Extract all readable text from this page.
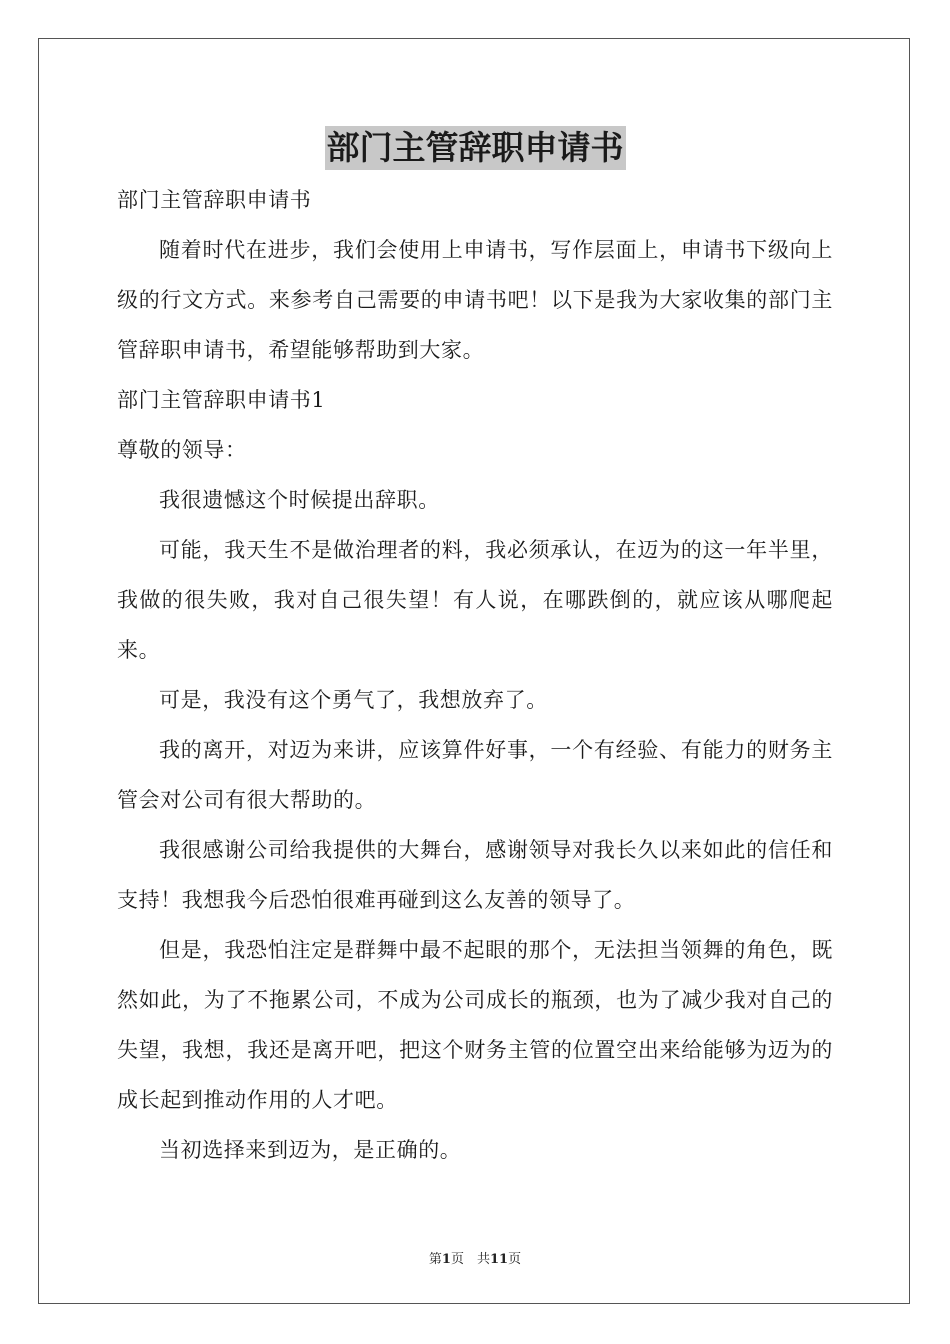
部门主管辞职申请书

部门主管辞职申请书

随着时代在进步，我们会使用上申请书，写作层面上，申请书下级向上级的行文方式。来参考自己需要的申请书吧！以下是我为大家收集的部门主管辞职申请书，希望能够帮助到大家。

部门主管辞职申请书1

尊敬的领导：

我很遗憾这个时候提出辞职。

可能，我天生不是做治理者的料，我必须承认，在迈为的这一年半里，我做的很失败，我对自己很失望！有人说，在哪跌倒的，就应该从哪爬起来。

可是，我没有这个勇气了，我想放弃了。

我的离开，对迈为来讲，应该算件好事，一个有经验、有能力的财务主管会对公司有很大帮助的。

我很感谢公司给我提供的大舞台，感谢领导对我长久以来如此的信任和支持！我想我今后恐怕很难再碰到这么友善的领导了。

但是，我恐怕注定是群舞中最不起眼的那个，无法担当领舞的角色，既然如此，为了不拖累公司，不成为公司成长的瓶颈，也为了减少我对自己的失望，我想，我还是离开吧，把这个财务主管的位置空出来给能够为迈为的成长起到推动作用的人才吧。

当初选择来到迈为，是正确的。

第1页　共11页
